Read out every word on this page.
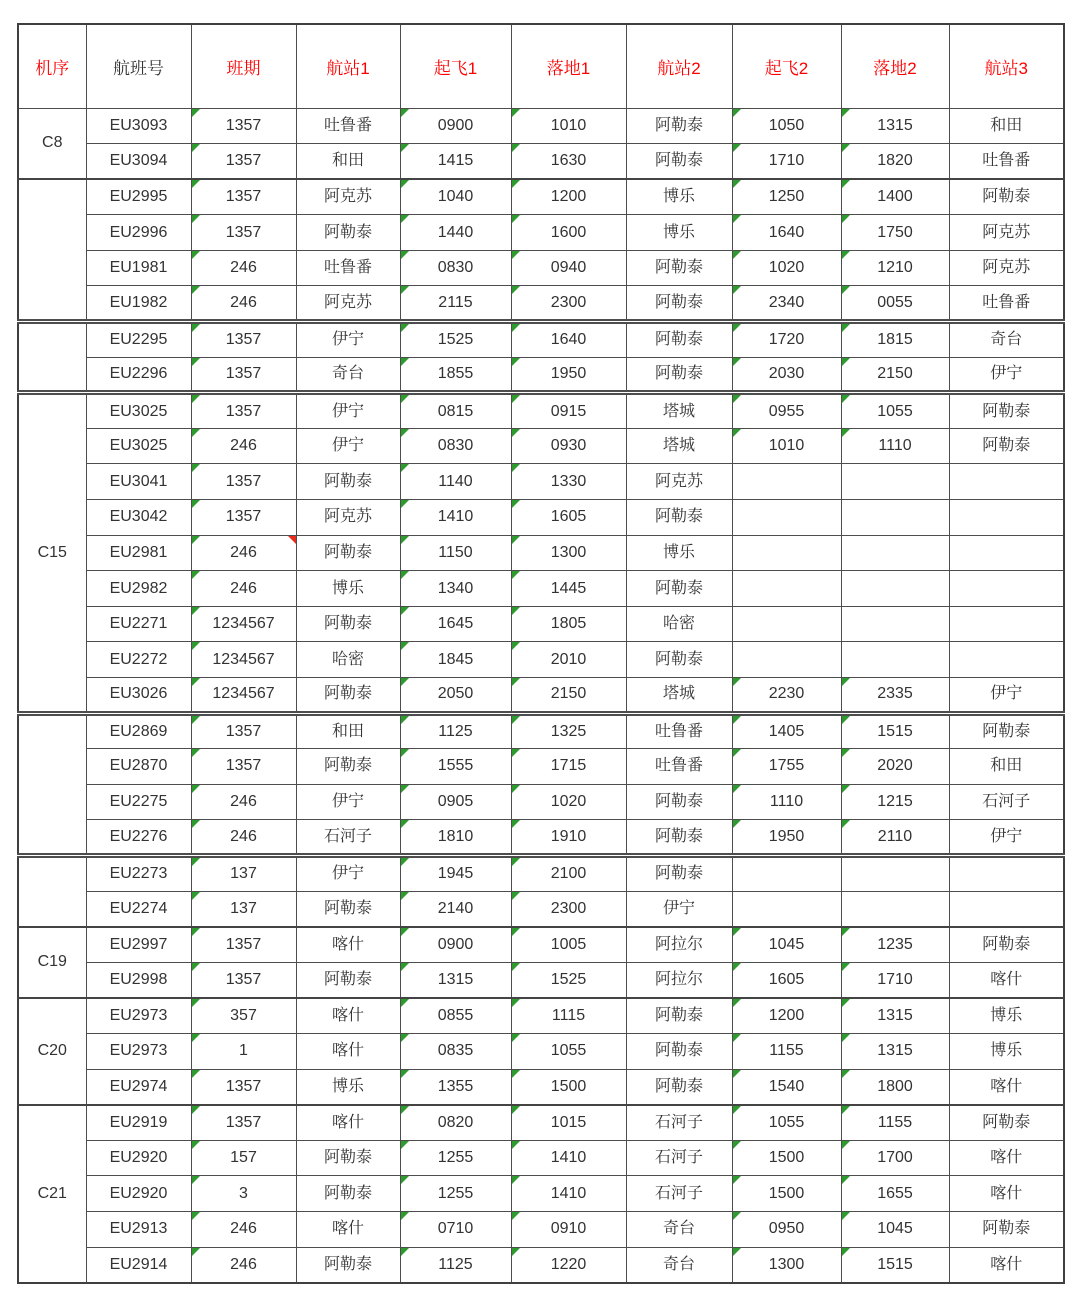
机序	航班号	班期	航站1	起飞1	落地1	航站2	起飞2	落地2	航站3
C8	EU3093	1357	吐鲁番	0900	1010	阿勒泰	1050	1315	和田
	EU3094	1357	和田	1415	1630	阿勒泰	1710	1820	吐鲁番
	EU2995	1357	阿克苏	1040	1200	博乐	1250	1400	阿勒泰
	EU2996	1357	阿勒泰	1440	1600	博乐	1640	1750	阿克苏
	EU1981	246	吐鲁番	0830	0940	阿勒泰	1020	1210	阿克苏
	EU1982	246	阿克苏	2115	2300	阿勒泰	2340	0055	吐鲁番
	EU2295	1357	伊宁	1525	1640	阿勒泰	1720	1815	奇台
	EU2296	1357	奇台	1855	1950	阿勒泰	2030	2150	伊宁
C15	EU3025	1357	伊宁	0815	0915	塔城	0955	1055	阿勒泰
	EU3025	246	伊宁	0830	0930	塔城	1010	1110	阿勒泰
	EU3041	1357	阿勒泰	1140	1330	阿克苏			
	EU3042	1357	阿克苏	1410	1605	阿勒泰			
	EU2981	246	阿勒泰	1150	1300	博乐			
	EU2982	246	博乐	1340	1445	阿勒泰			
	EU2271	1234567	阿勒泰	1645	1805	哈密			
	EU2272	1234567	哈密	1845	2010	阿勒泰			
	EU3026	1234567	阿勒泰	2050	2150	塔城	2230	2335	伊宁
	EU2869	1357	和田	1125	1325	吐鲁番	1405	1515	阿勒泰
	EU2870	1357	阿勒泰	1555	1715	吐鲁番	1755	2020	和田
	EU2275	246	伊宁	0905	1020	阿勒泰	1110	1215	石河子
	EU2276	246	石河子	1810	1910	阿勒泰	1950	2110	伊宁
	EU2273	137	伊宁	1945	2100	阿勒泰			
	EU2274	137	阿勒泰	2140	2300	伊宁			
C19	EU2997	1357	喀什	0900	1005	阿拉尔	1045	1235	阿勒泰
	EU2998	1357	阿勒泰	1315	1525	阿拉尔	1605	1710	喀什
C20	EU2973	357	喀什	0855	1115	阿勒泰	1200	1315	博乐
	EU2973	1	喀什	0835	1055	阿勒泰	1155	1315	博乐
	EU2974	1357	博乐	1355	1500	阿勒泰	1540	1800	喀什
C21	EU2919	1357	喀什	0820	1015	石河子	1055	1155	阿勒泰
	EU2920	157	阿勒泰	1255	1410	石河子	1500	1700	喀什
	EU2920	3	阿勒泰	1255	1410	石河子	1500	1655	喀什
	EU2913	246	喀什	0710	0910	奇台	0950	1045	阿勒泰
	EU2914	246	阿勒泰	1125	1220	奇台	1300	1515	喀什
